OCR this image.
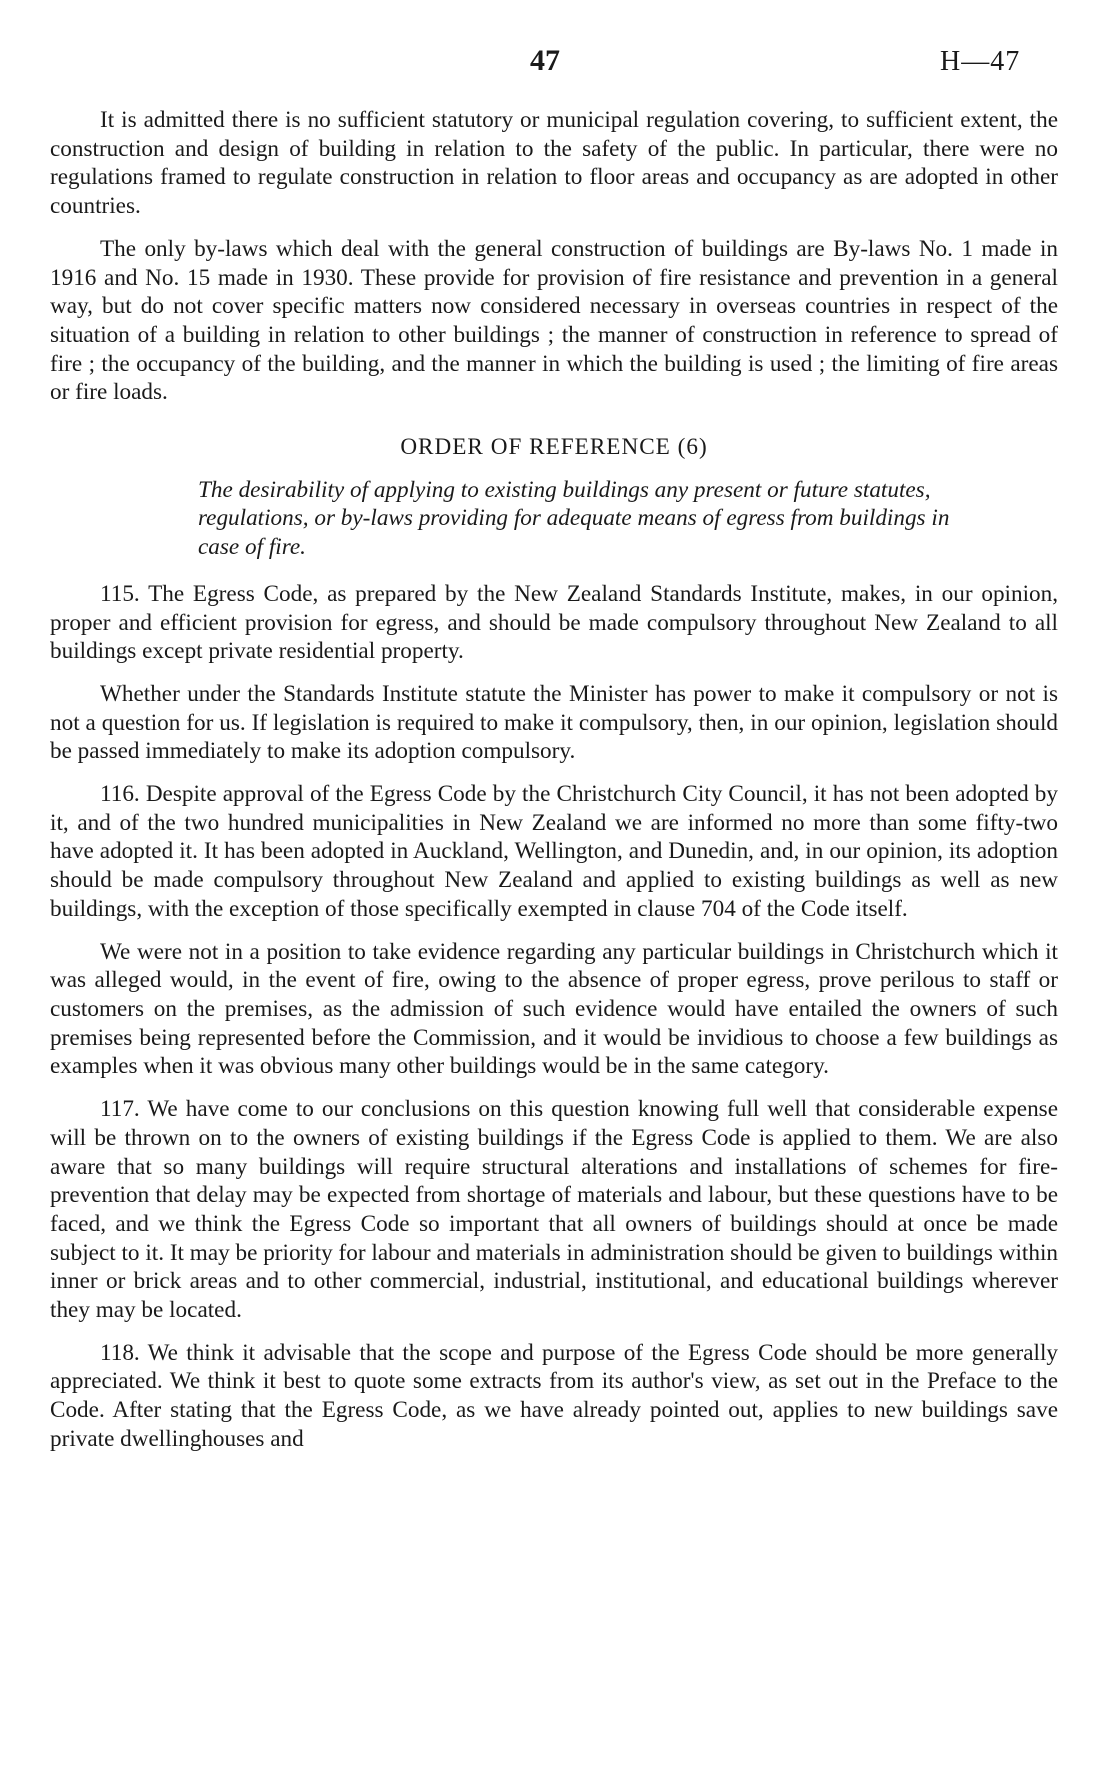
47	H—47

It is admitted there is no sufficient statutory or municipal regulation covering, to sufficient extent, the construction and design of building in relation to the safety of the public. In particular, there were no regulations framed to regulate construction in relation to floor areas and occupancy as are adopted in other countries.

The only by-laws which deal with the general construction of buildings are By-laws No. 1 made in 1916 and No. 15 made in 1930. These provide for provision of fire resistance and prevention in a general way, but do not cover specific matters now considered necessary in overseas countries in respect of the situation of a building in relation to other buildings ; the manner of construction in reference to spread of fire ; the occupancy of the building, and the manner in which the building is used ; the limiting of fire areas or fire loads.

ORDER OF REFERENCE (6)
The desirability of applying to existing buildings any present or future statutes, regulations, or by-laws providing for adequate means of egress from buildings in case of fire.

115. The Egress Code, as prepared by the New Zealand Standards Institute, makes, in our opinion, proper and efficient provision for egress, and should be made compulsory throughout New Zealand to all buildings except private residential property.

Whether under the Standards Institute statute the Minister has power to make it compulsory or not is not a question for us. If legislation is required to make it compulsory, then, in our opinion, legislation should be passed immediately to make its adoption compulsory.

116. Despite approval of the Egress Code by the Christchurch City Council, it has not been adopted by it, and of the two hundred municipalities in New Zealand we are informed no more than some fifty-two have adopted it. It has been adopted in Auckland, Wellington, and Dunedin, and, in our opinion, its adoption should be made compulsory throughout New Zealand and applied to existing buildings as well as new buildings, with the exception of those specifically exempted in clause 704 of the Code itself.

We were not in a position to take evidence regarding any particular buildings in Christchurch which it was alleged would, in the event of fire, owing to the absence of proper egress, prove perilous to staff or customers on the premises, as the admission of such evidence would have entailed the owners of such premises being represented before the Commission, and it would be invidious to choose a few buildings as examples when it was obvious many other buildings would be in the same category.

117. We have come to our conclusions on this question knowing full well that considerable expense will be thrown on to the owners of existing buildings if the Egress Code is applied to them. We are also aware that so many buildings will require structural alterations and installations of schemes for fire-prevention that delay may be expected from shortage of materials and labour, but these questions have to be faced, and we think the Egress Code so important that all owners of buildings should at once be made subject to it. It may be priority for labour and materials in administration should be given to buildings within inner or brick areas and to other commercial, industrial, institutional, and educational buildings wherever they may be located.

118. We think it advisable that the scope and purpose of the Egress Code should be more generally appreciated. We think it best to quote some extracts from its author's view, as set out in the Preface to the Code. After stating that the Egress Code, as we have already pointed out, applies to new buildings save private dwellinghouses and
